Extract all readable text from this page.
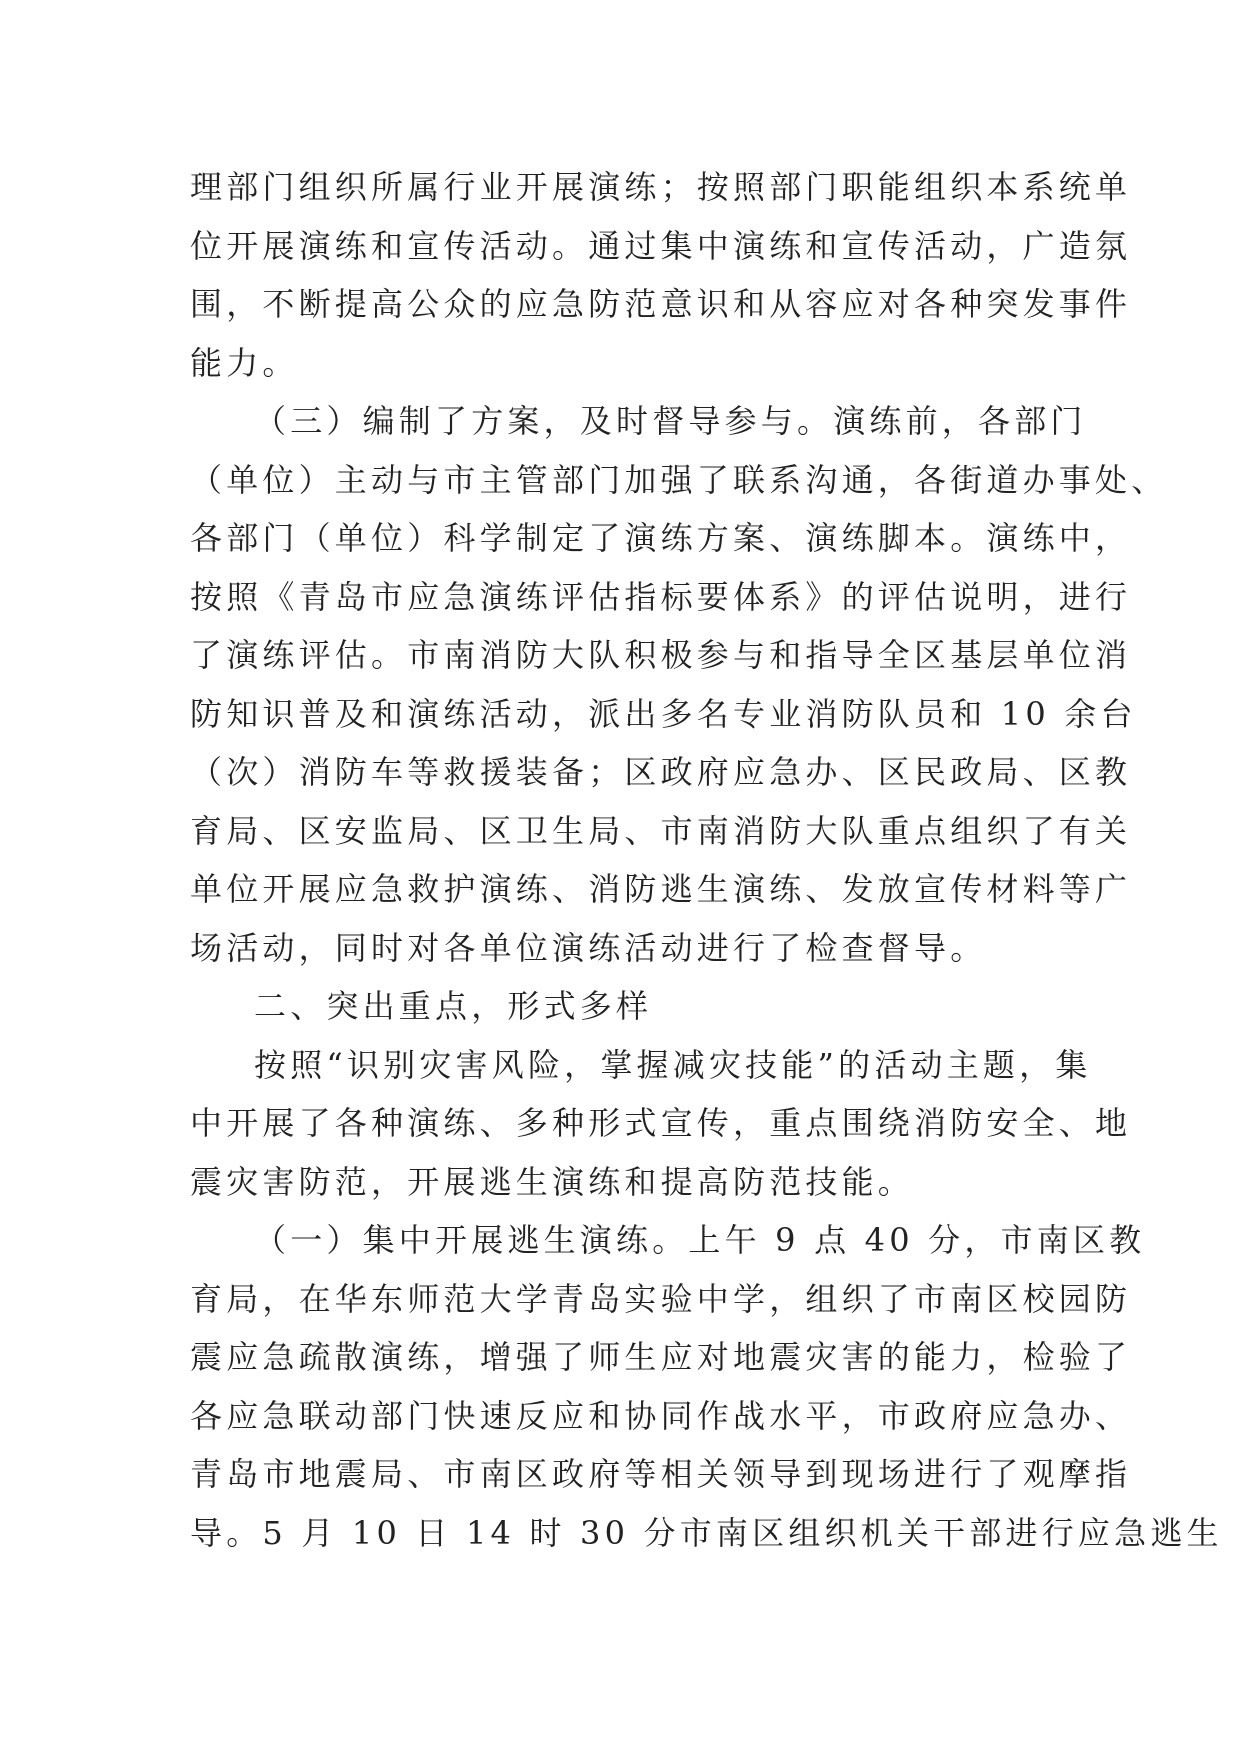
理部门组织所属行业开展演练；按照部门职能组织本系统单
位开展演练和宣传活动。通过集中演练和宣传活动，广造氛
围，不断提高公众的应急防范意识和从容应对各种突发事件
能力。
（三）编制了方案，及时督导参与。演练前，各部门
（单位）主动与市主管部门加强了联系沟通，各街道办事处、
各部门（单位）科学制定了演练方案、演练脚本。演练中，
按照《青岛市应急演练评估指标要体系》的评估说明，进行
了演练评估。市南消防大队积极参与和指导全区基层单位消
防知识普及和演练活动，派出多名专业消防队员和 10 余台
（次）消防车等救援装备；区政府应急办、区民政局、区教
育局、区安监局、区卫生局、市南消防大队重点组织了有关
单位开展应急救护演练、消防逃生演练、发放宣传材料等广
场活动，同时对各单位演练活动进行了检查督导。
二、突出重点，形式多样
按照“识别灾害风险，掌握减灾技能”的活动主题，集
中开展了各种演练、多种形式宣传，重点围绕消防安全、地
震灾害防范，开展逃生演练和提高防范技能。
（一）集中开展逃生演练。上午 9 点 40 分，市南区教
育局，在华东师范大学青岛实验中学，组织了市南区校园防
震应急疏散演练，增强了师生应对地震灾害的能力，检验了
各应急联动部门快速反应和协同作战水平，市政府应急办、
青岛市地震局、市南区政府等相关领导到现场进行了观摩指
导。5 月 10 日 14 时 30 分市南区组织机关干部进行应急逃生
